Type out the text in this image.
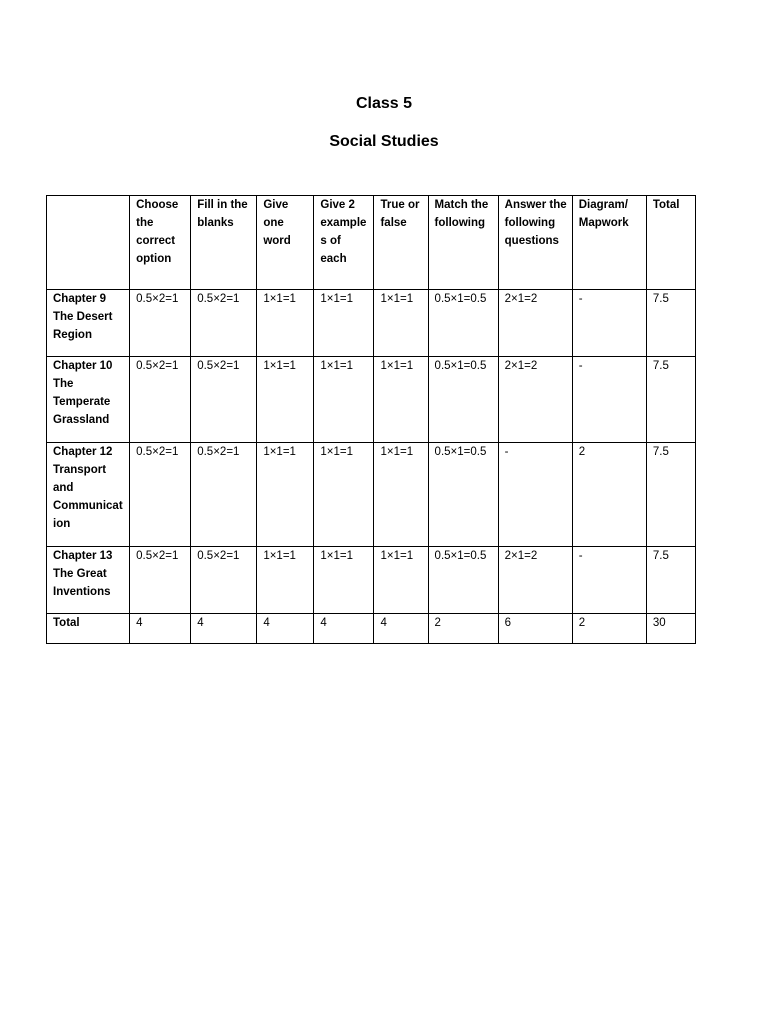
Class 5
Social Studies
	Choose the correct option	Fill in the blanks	Give one word	Give 2 examples of each	True or false	Match the following	Answer the following questions	Diagram/ Mapwork	Total
Chapter 9 The Desert Region	0.5×2=1	0.5×2=1	1×1=1	1×1=1	1×1=1	0.5×1=0.5	2×1=2	-	7.5
Chapter 10 The Temperate Grassland	0.5×2=1	0.5×2=1	1×1=1	1×1=1	1×1=1	0.5×1=0.5	2×1=2	-	7.5
Chapter 12 Transport and Communication	0.5×2=1	0.5×2=1	1×1=1	1×1=1	1×1=1	0.5×1=0.5	-	2	7.5
Chapter 13 The Great Inventions	0.5×2=1	0.5×2=1	1×1=1	1×1=1	1×1=1	0.5×1=0.5	2×1=2	-	7.5
Total	4	4	4	4	4	2	6	2	30
